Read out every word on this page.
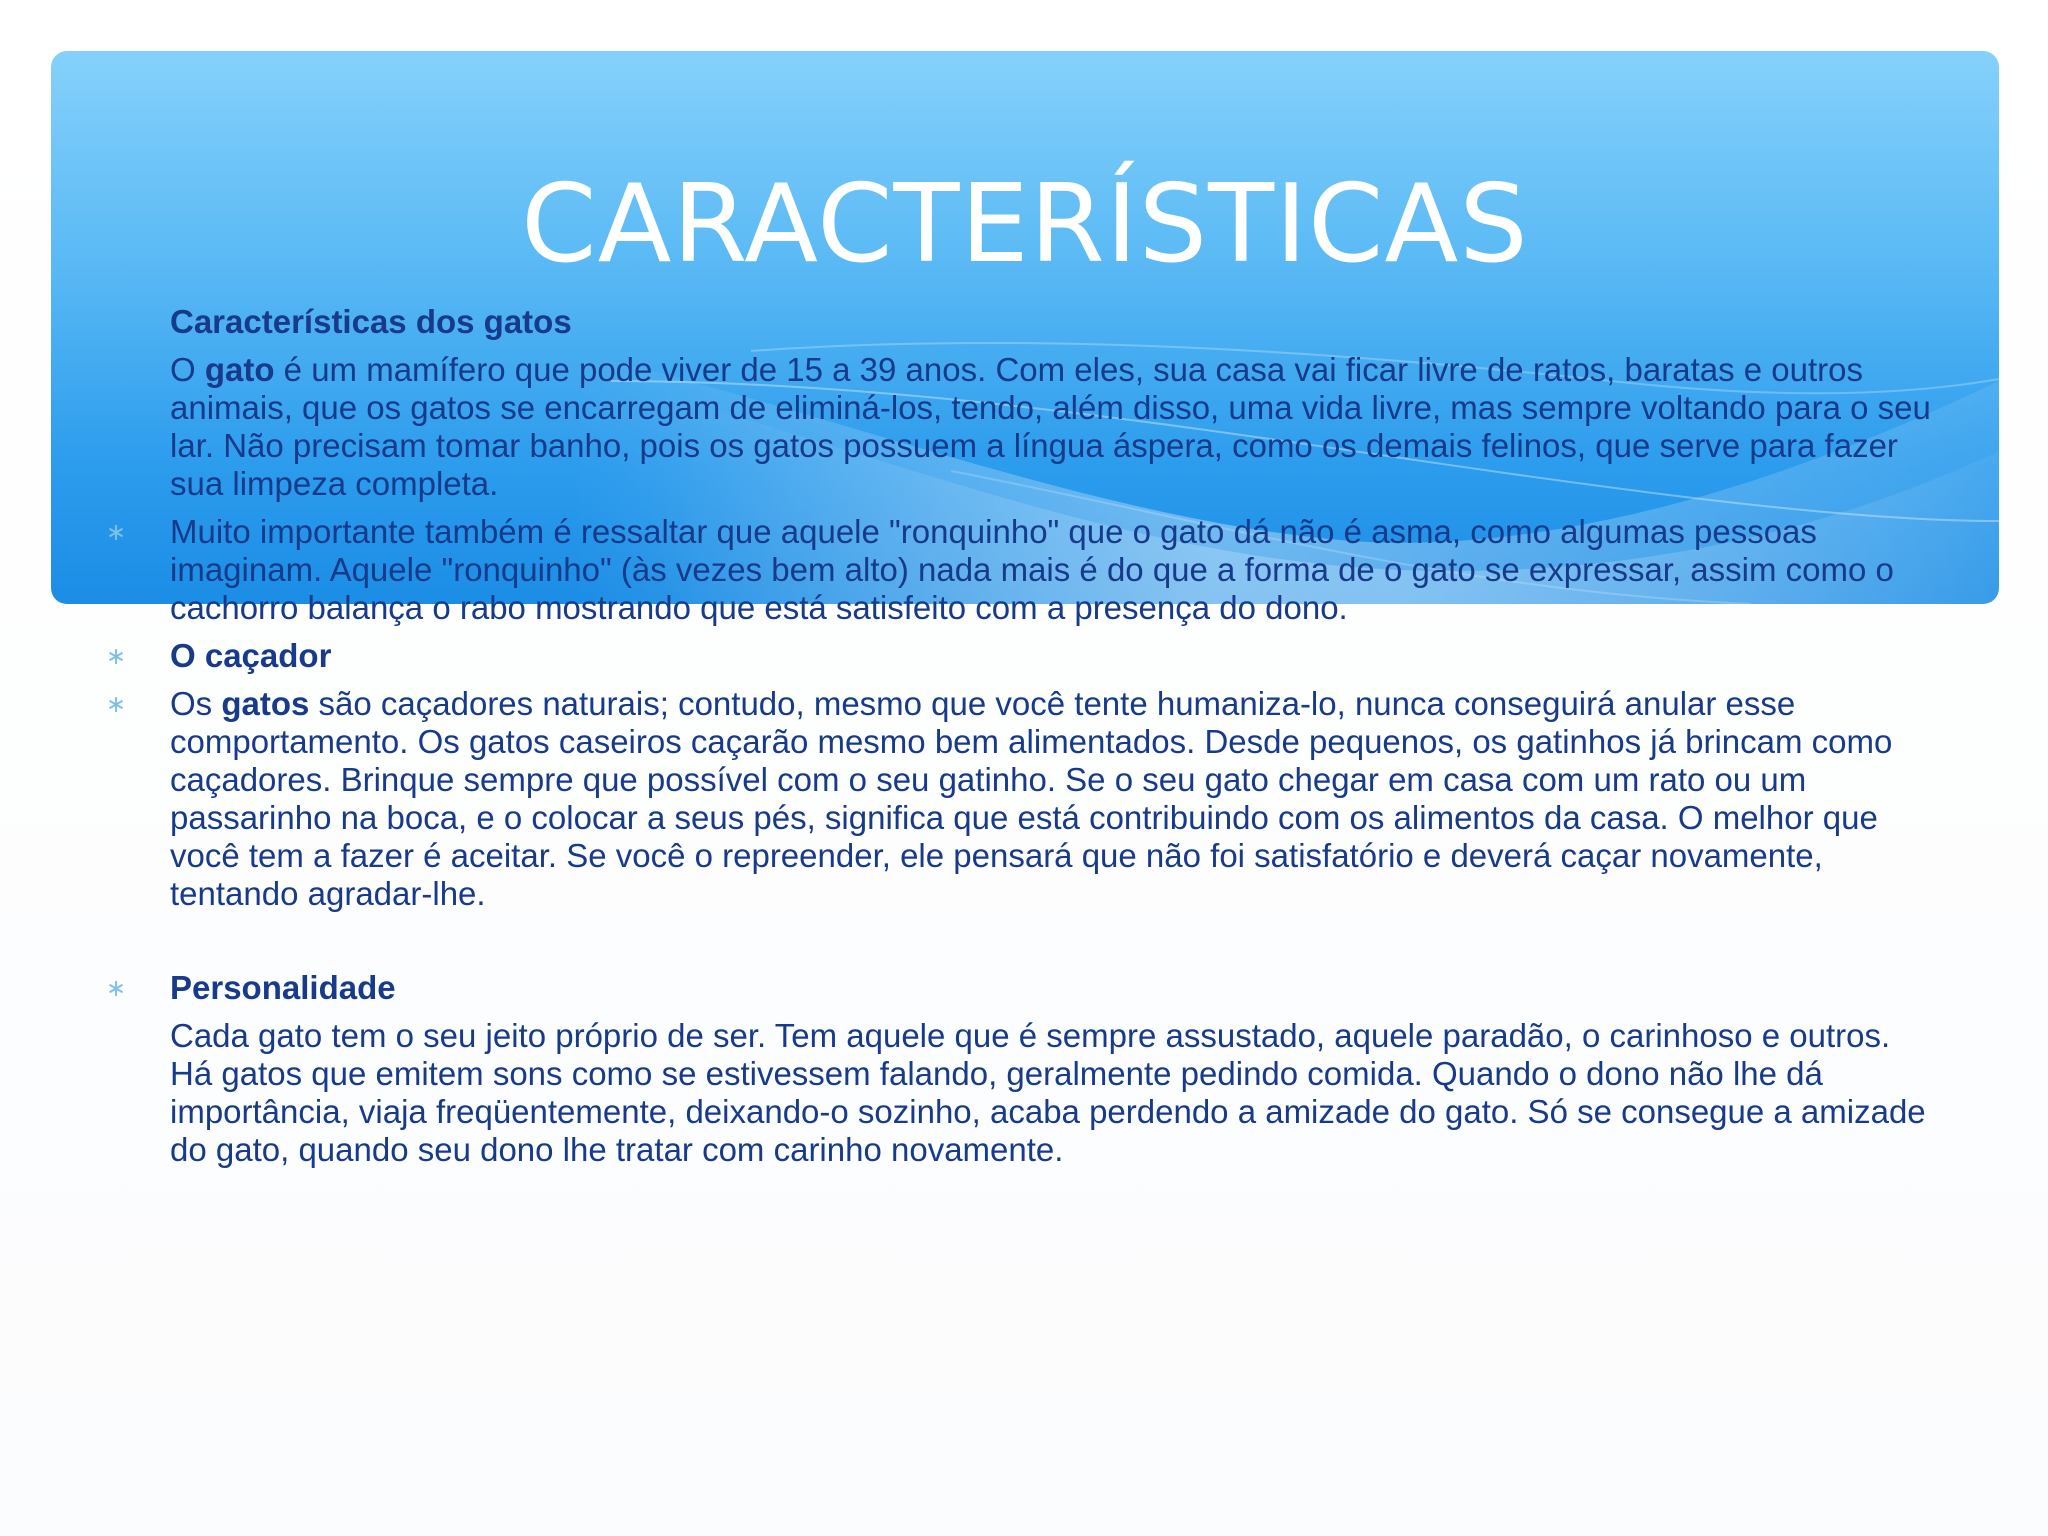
CARACTERÍSTICAS
Características dos gatos
O gato é um mamífero que pode viver de 15 a 39 anos. Com eles, sua casa vai ficar livre de ratos, baratas e outros animais, que os gatos se encarregam de eliminá-los, tendo, além disso, uma vida livre, mas sempre voltando para o seu lar. Não precisam tomar banho, pois os gatos possuem a língua áspera, como os demais felinos, que serve para fazer sua limpeza completa.
∗ Muito importante também é ressaltar que aquele "ronquinho" que o gato dá não é asma, como algumas pessoas imaginam. Aquele "ronquinho" (às vezes bem alto) nada mais é do que a forma de o gato se expressar, assim como o cachorro balança o rabo mostrando que está satisfeito com a presença do dono.
∗ O caçador
∗ Os gatos são caçadores naturais; contudo, mesmo que você tente humaniza-lo, nunca conseguirá anular esse comportamento. Os gatos caseiros caçarão mesmo bem alimentados. Desde pequenos, os gatinhos já brincam como caçadores. Brinque sempre que possível com o seu gatinho. Se o seu gato chegar em casa com um rato ou um passarinho na boca, e o colocar a seus pés, significa que está contribuindo com os alimentos da casa. O melhor que você tem a fazer é aceitar. Se você o repreender, ele pensará que não foi satisfatório e deverá caçar novamente, tentando agradar-lhe.
∗ Personalidade
Cada gato tem o seu jeito próprio de ser. Tem aquele que é sempre assustado, aquele paradão, o carinhoso e outros. Há gatos que emitem sons como se estivessem falando, geralmente pedindo comida. Quando o dono não lhe dá importância, viaja freqüentemente, deixando-o sozinho, acaba perdendo a amizade do gato. Só se consegue a amizade do gato, quando seu dono lhe tratar com carinho novamente.
